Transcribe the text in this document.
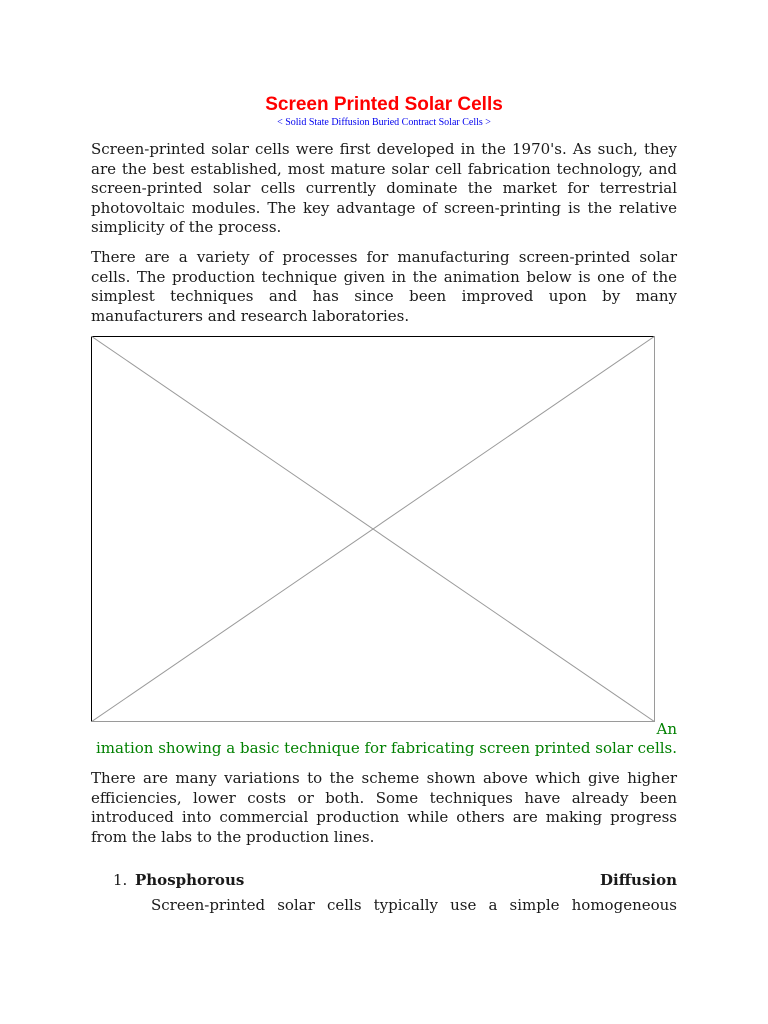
Screen Printed Solar Cells
< Solid State Diffusion Buried Contract Solar Cells >

Screen-printed solar cells were first developed in the 1970's. As such, they are the best established, most mature solar cell fabrication technology, and screen-printed solar cells currently dominate the market for terrestrial photovoltaic modules. The key advantage of screen-printing is the relative simplicity of the process.

There are a variety of processes for manufacturing screen-printed solar cells. The production technique given in the animation below is one of the simplest techniques and has since been improved upon by many manufacturers and research laboratories.

An
imation showing a basic technique for fabricating screen printed solar cells.

There are many variations to the scheme shown above which give higher efficiencies, lower costs or both. Some techniques have already been introduced into commercial production while others are making progress from the labs to the production lines.

1. Phosphorous	Diffusion
Screen-printed solar cells typically use a simple homogeneous
